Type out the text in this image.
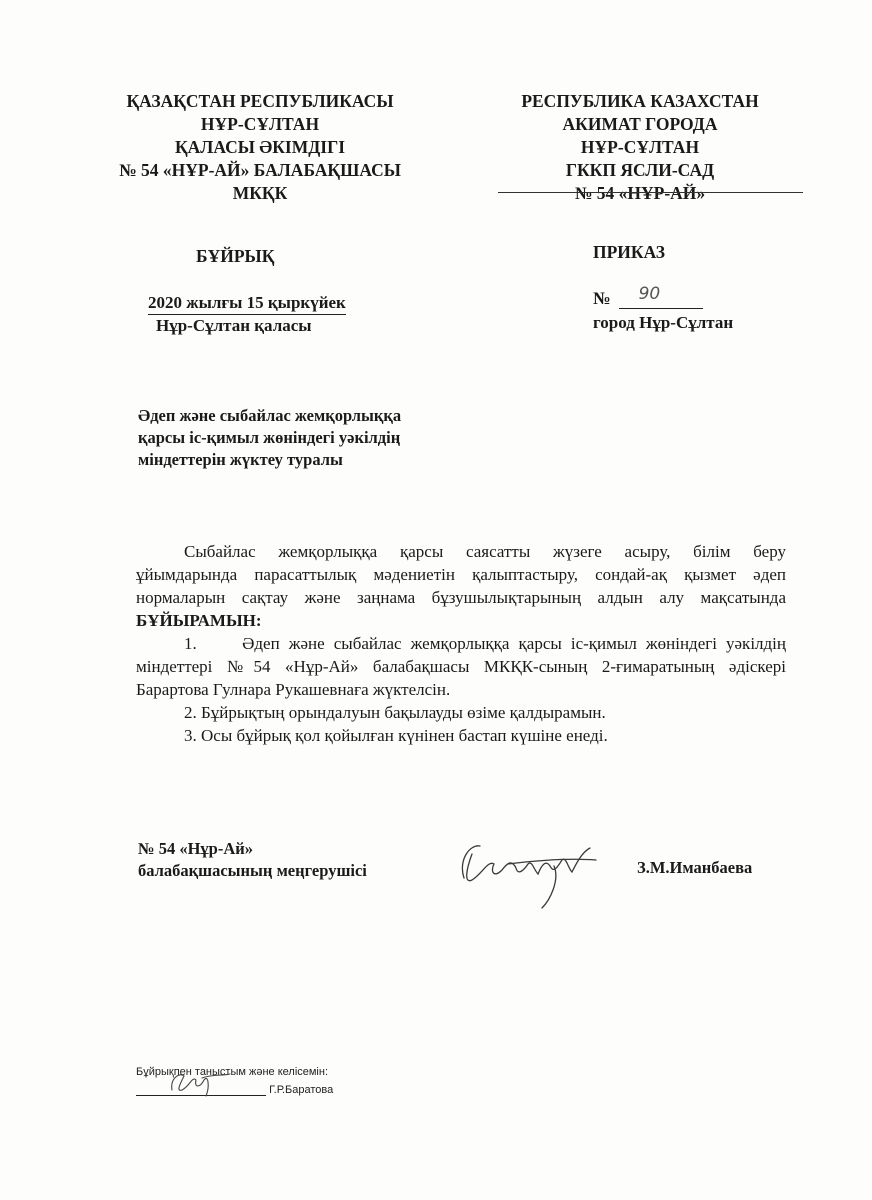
ҚАЗАҚСТАН РЕСПУБЛИКАСЫ
НҰР-СҰЛТАН
ҚАЛАСЫ ӘКІМДІГІ
№ 54 «НҰР-АЙ» БАЛАБАҚШАСЫ
МКҚК
РЕСПУБЛИКА КАЗАХСТАН
АКИМАТ ГОРОДА
НҰР-СҰЛТАН
ГККП ЯСЛИ-САД
№ 54 «НҰР-АЙ»
БҰЙРЫҚ	ПРИКАЗ
2020 жылғы 15 қыркүйек
Нұр-Сұлтан қаласы
№ 90
город Нұр-Сұлтан
Әдеп және сыбайлас жемқорлыққа
қарсы іс-қимыл жөніндегі уәкілдің
міндеттерін жүктеу туралы
Сыбайлас жемқорлыққа қарсы саясатты жүзеге асыру, білім беру
ұйымдарында парасаттылық мәдениетін қалыптастыру, сондай-ақ қызмет әдеп
нормаларын сақтау және заңнама бұзушылықтарының алдын алу мақсатында
БҰЙЫРАМЫН:
1.	Әдеп және сыбайлас жемқорлыққа қарсы іс-қимыл жөніндегі уәкілдің міндеттері №54 «Нұр-Ай» балабақшасы МКҚК-сының 2-ғимаратының әдіскері Барартова Гулнара Рукашевнаға жүктелсін.
2. Бұйрықтың орындалуын бақылауды өзіме қалдырамын.
3. Осы бұйрық қол қойылған күнінен бастап күшіне енеді.
№ 54 «Нұр-Ай»
балабақшасының меңгерушісі	З.М.Иманбаева
Бұйрықпен таныстым және келісемін:
Г.Р.Баратова
